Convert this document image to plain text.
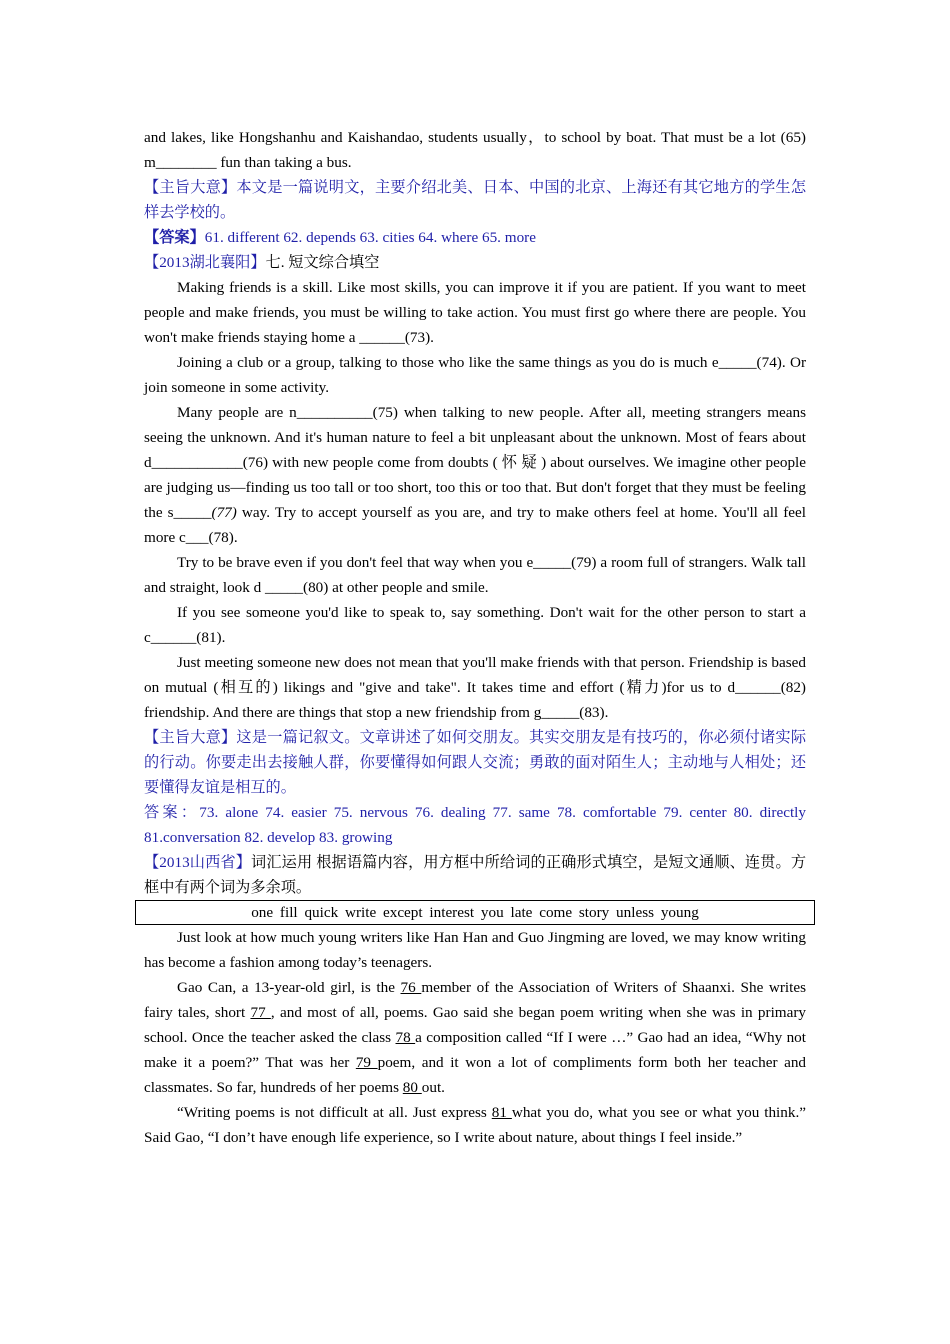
and lakes, like Hongshanhu and Kaishandao, students usually，to school by boat. That must be a lot (65) m________ fun than taking a bus.

【主旨大意】本文是一篇说明文，主要介绍北美、日本、中国的北京、上海还有其它地方的学生怎样去学校的。

【答案】61. different 62. depends 63. cities 64. where 65. more

【2013湖北襄阳】七. 短文综合填空

Making friends is a skill. Like most skills, you can improve it if you are patient. If you want to meet people and make friends, you must be willing to take action. You must first go where there are people. You won't make friends staying home a ______(73).

Joining a club or a group, talking to those who like the same things as you do is much e_____(74). Or join someone in some activity.

Many people are n__________(75) when talking to new people. After all, meeting strangers means seeing the unknown. And it's human nature to feel a bit unpleasant about the unknown. Most of fears about d____________(76) with new people come from doubts ( 怀 疑 ) about ourselves. We imagine other people are judging us—finding us too tall or too short, too this or too that. But don't forget that they must be feeling the s_____(77) way. Try to accept yourself as you are, and try to make others feel at home. You'll all feel more c___(78).

Try to be brave even if you don't feel that way when you e_____(79) a room full of strangers. Walk tall and straight, look d _____(80) at other people and smile.

If you see someone you'd like to speak to, say something. Don't wait for the other person to start a c______(81).

Just meeting someone new does not mean that you'll make friends with that person. Friendship is based on mutual (相互的) likings and "give and take". It takes time and effort (精力)for us to d______(82) friendship. And there are things that stop a new friendship from g_____(83).

【主旨大意】这是一篇记叙文。文章讲述了如何交朋友。其实交朋友是有技巧的，你必须付诸实际的行动。你要走出去接触人群，你要懂得如何跟人交流；勇敢的面对陌生人；主动地与人相处；还要懂得友谊是相互的。

答案：73. alone 74. easier 75. nervous 76. dealing 77. same 78. comfortable 79. center 80. directly 81.conversation 82. develop 83. growing

【2013山西省】词汇运用 根据语篇内容，用方框中所给词的正确形式填空，是短文通顺、连贯。方框中有两个词为多余项。

one fill quick write except interest you late come story unless young

Just look at how much young writers like Han Han and Guo Jingming are loved, we may know writing has become a fashion among today’s teenagers.

Gao Can, a 13-year-old girl, is the 76 member of the Association of Writers of Shaanxi. She writes fairy tales, short 77 , and most of all, poems. Gao said she began poem writing when she was in primary school. Once the teacher asked the class 78 a composition called “If I were …” Gao had an idea, “Why not make it a poem?” That was her 79 poem, and it won a lot of compliments form both her teacher and classmates. So far, hundreds of her poems 80 out.

“Writing poems is not difficult at all. Just express 81 what you do, what you see or what you think.” Said Gao, “I don’t have enough life experience, so I write about nature, about things I feel inside.”
